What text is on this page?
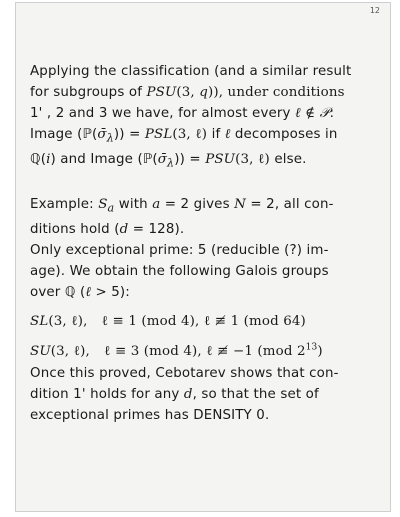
12

Applying the classification (and a similar result

for subgroups of PSU(3, q)), under conditions

1' , 2 and 3 we have, for almost every ℓ ∉ 𝒫:

Image $(ℙ(\sigmā_\lambda)) = PSL(3$, ℓ) if ℓ decomposes in

ℚ(i) and Image $(ℙ(\sigmā_\lambda)) = PSU(3$, ℓ) else.

Example: $S_a$ with a = 2 gives N = 2, all con-

ditions hold (d = 128).

Only exceptional prime: 5 (reducible (?) im-

age). We obtain the following Galois groups

over ℚ (ℓ > 5):

SL(3, ℓ), ℓ ≡ 1 (mod 4), ℓ ≢ 1 (mod 64)

SU(3, ℓ), ℓ ≡ 3 (mod 4), ℓ ≢ −1 (mod $2^{13}$)

Once this proved, Cebotarev shows that con-

dition 1' holds for any d, so that the set of

exceptional primes has DENSITY 0.
